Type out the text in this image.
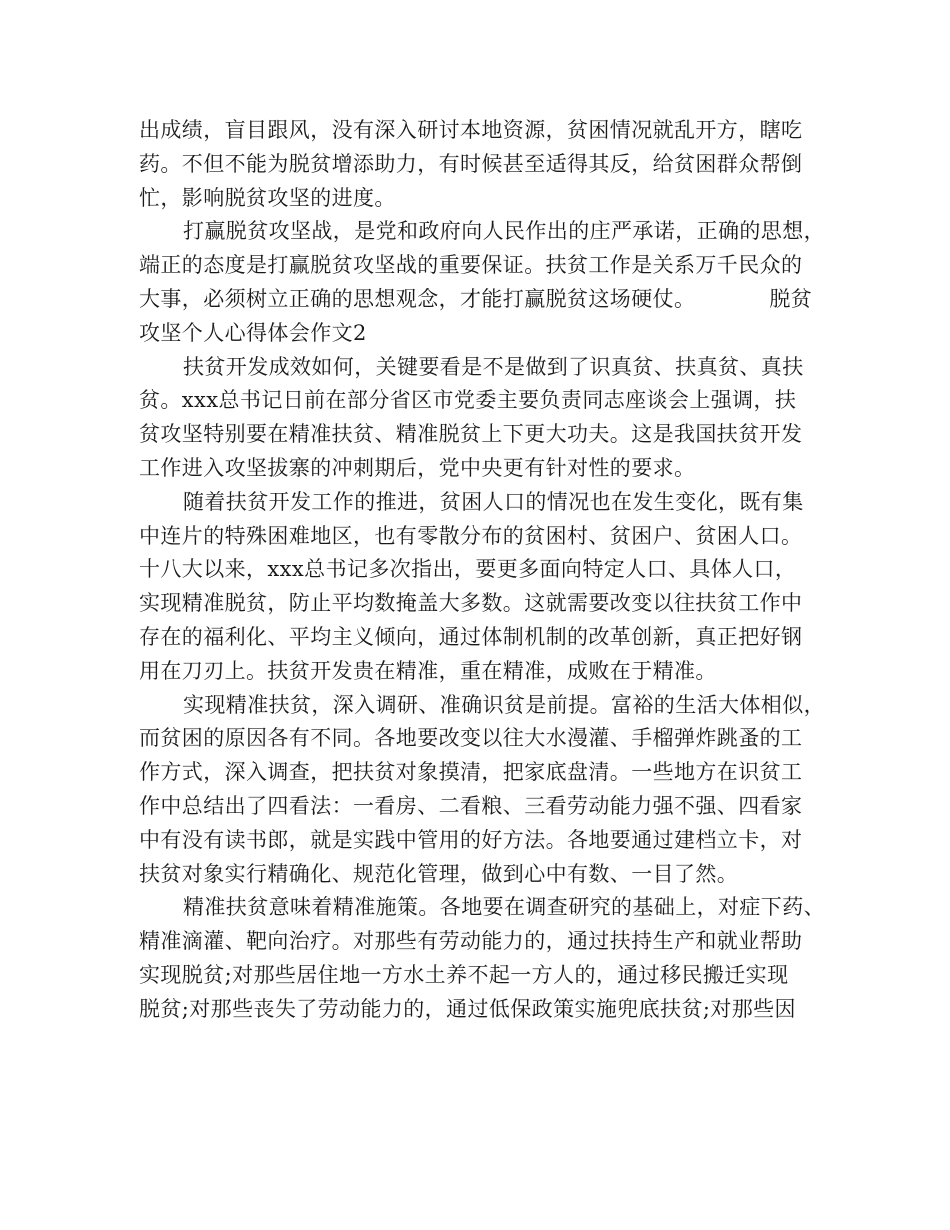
出成绩，盲目跟风，没有深入研讨本地资源，贫困情况就乱开方，瞎吃

药。不但不能为脱贫增添助力，有时候甚至适得其反，给贫困群众帮倒

忙，影响脱贫攻坚的进度。

打赢脱贫攻坚战，是党和政府向人民作出的庄严承诺，正确的思想，

端正的态度是打赢脱贫攻坚战的重要保证。扶贫工作是关系万千民众的

大事，必须树立正确的思想观念，才能打赢脱贫这场硬仗。	脱贫

攻坚个人心得体会作文2

扶贫开发成效如何，关键要看是不是做到了识真贫、扶真贫、真扶

贫。xxx总书记日前在部分省区市党委主要负责同志座谈会上强调，扶

贫攻坚特别要在精准扶贫、精准脱贫上下更大功夫。这是我国扶贫开发

工作进入攻坚拔寨的冲刺期后，党中央更有针对性的要求。

随着扶贫开发工作的推进，贫困人口的情况也在发生变化，既有集

中连片的特殊困难地区，也有零散分布的贫困村、贫困户、贫困人口。

十八大以来，xxx总书记多次指出，要更多面向特定人口、具体人口，

实现精准脱贫，防止平均数掩盖大多数。这就需要改变以往扶贫工作中

存在的福利化、平均主义倾向，通过体制机制的改革创新，真正把好钢

用在刀刃上。扶贫开发贵在精准，重在精准，成败在于精准。

实现精准扶贫，深入调研、准确识贫是前提。富裕的生活大体相似，

而贫困的原因各有不同。各地要改变以往大水漫灌、手榴弹炸跳蚤的工

作方式，深入调查，把扶贫对象摸清，把家底盘清。一些地方在识贫工

作中总结出了四看法：一看房、二看粮、三看劳动能力强不强、四看家

中有没有读书郎，就是实践中管用的好方法。各地要通过建档立卡，对

扶贫对象实行精确化、规范化管理，做到心中有数、一目了然。

精准扶贫意味着精准施策。各地要在调查研究的基础上，对症下药、

精准滴灌、靶向治疗。对那些有劳动能力的，通过扶持生产和就业帮助

实现脱贫;对那些居住地一方水土养不起一方人的，通过移民搬迁实现

脱贫;对那些丧失了劳动能力的，通过低保政策实施兜底扶贫;对那些因
